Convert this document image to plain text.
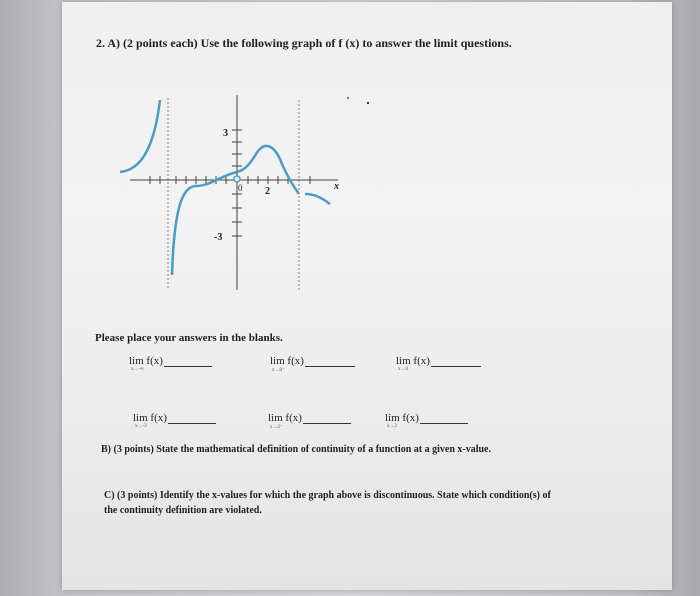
2. A) (2 points each) Use the following graph of f (x) to answer the limit questions.
3
-3
0 2	x
Please place your answers in the blanks.
lim f(x)
x→-∞
lim f(x)
x→0⁻
lim f(x)
x→0
lim f(x)
x→-3
lim f(x)
x→2⁻
lim f(x)
x→2
B) (3 points) State the mathematical definition of continuity of a function at a given x-value.
C) (3 points) Identify the x-values for which the graph above is discontinuous. State which condition(s) of
the continuity definition are violated.
